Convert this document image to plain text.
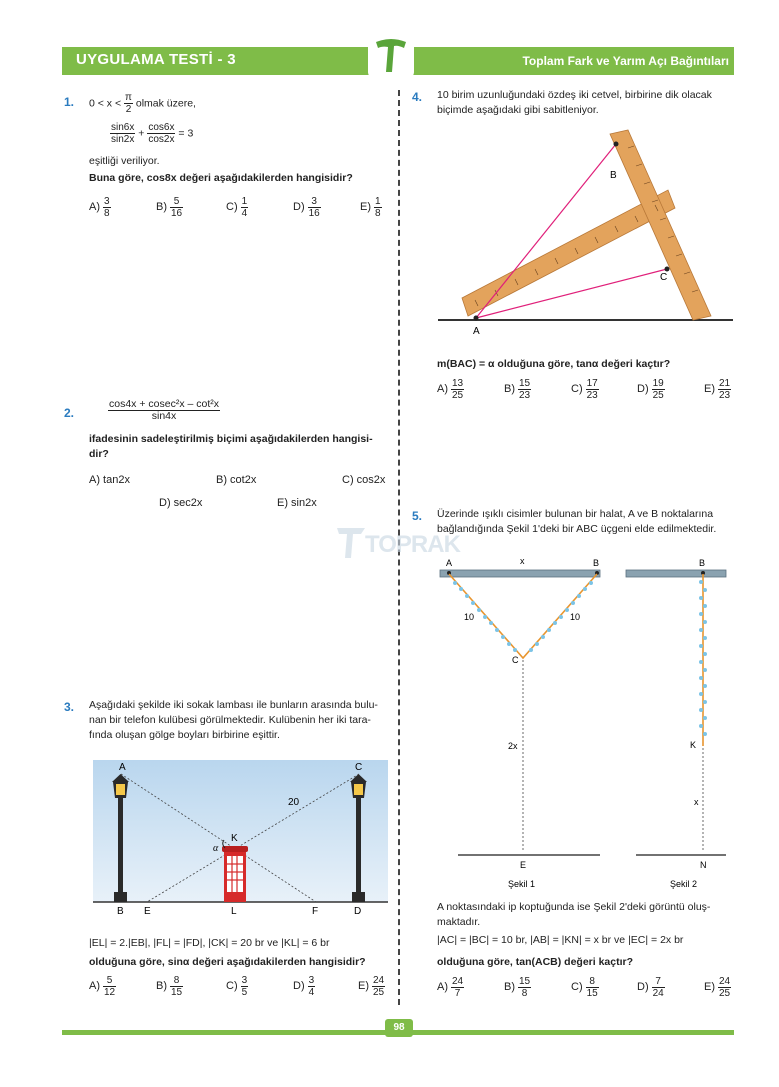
UYGULAMA TESTİ - 3	Toplam Fark ve Yarım Açı Bağıntıları
TOPRAK
1. $0 < x < \frac{\pi}{2}$ olmak üzere,
$\frac{\sin 6x}{\sin 2x} + \frac{\cos 6x}{\cos 2x} = 3$
eşitliği veriliyor.
Buna göre, cos8x değeri aşağıdakilerden hangisidir?
$A) \frac{3}{8}$	$B) \frac{5}{16}$	$C) \frac{1}{4}$	$D) \frac{3}{16}$	$E) \frac{1}{8}$
2.	$\frac{\text{cos4x + cosec²x – cot²x}}{\sin 4x}$
ifadesinin sadeleştirilmiş biçimi aşağıdakilerden hangisi-
dir?
A) tan2x	B) cot2x	C) cos2x
D) sec2x	E) sin2x
3. Aşağıdaki şekilde iki sokak lambası ile bunların arasında bulu-
nan bir telefon kulübesi görülmektedir. Kulübenin her iki tara-
fında oluşan gölge boyları birbirine eşittir.
A	C
20
K
α
B E	L	F	D
|EL| = 2.|EB|, |FL| = |FD|, |CK| = 20 br ve |KL| = 6 br
olduğuna göre, sinα değeri aşağıdakilerden hangisidir?
$A) \frac{5}{12}$	$B) \frac{8}{15}$	$C) \frac{3}{5}$	$D) \frac{3}{4}$	$E) \frac{24}{25}$
4. 10 birim uzunluğundaki özdeş iki cetvel, birbirine dik olacak
biçimde aşağıdaki gibi sabitleniyor.
A
B
C
m(BAC) = α olduğuna göre, tanα değeri kaçtır?
$A) \frac{13}{25}$	$B) \frac{15}{23}$	$C) \frac{17}{23}$	$D) \frac{19}{25}$	$E) \frac{21}{23}$
5. Üzerinde ışıklı cisimler bulunan bir halat, A ve B noktalarına
bağlandığında Şekil 1'deki bir ABC üçgeni elde edilmektedir.
A	x	B
10	10
C
2x
E
Şekil 1
B
K
x
N
Şekil 2
A noktasındaki ip koptuğunda ise Şekil 2'deki görüntü oluş-
maktadır.
|AC| = |BC| = 10 br, |AB| = |KN| = x br ve |EC| = 2x br
olduğuna göre, tan(ACB) değeri kaçtır?
$A) \frac{24}{7}$	$B) \frac{15}{8}$	$C) \frac{8}{15}$	$D) \frac{7}{24}$	$E) \frac{24}{25}$
98
